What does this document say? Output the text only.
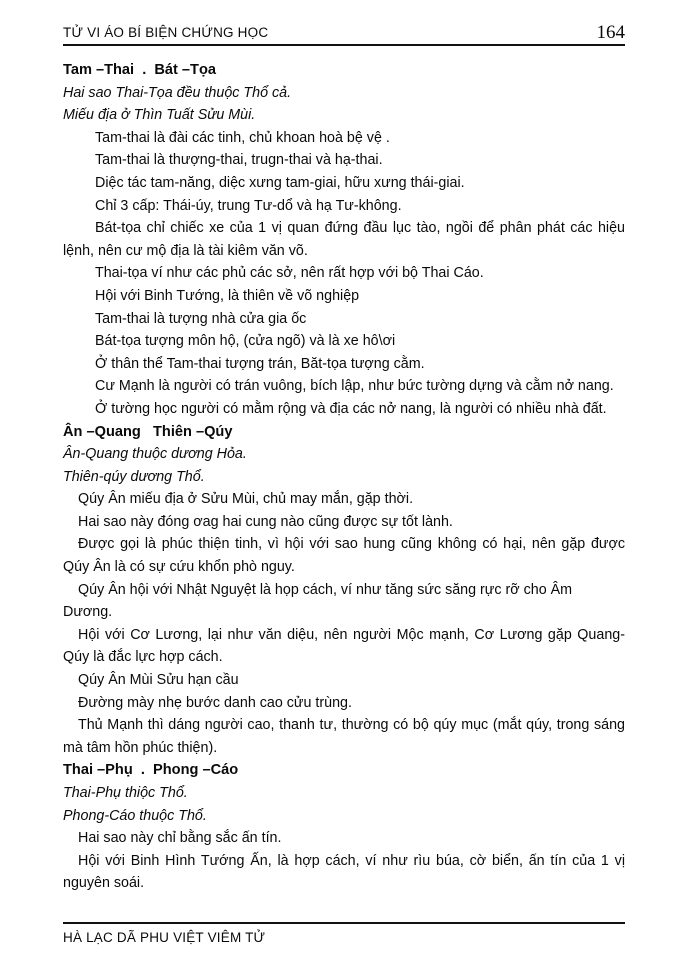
TỬ VI ÁO BÍ BIỆN CHỨNG HỌC	164
Tam –Thai  .  Bát –Tọa

Hai sao Thai-Tọa đều thuộc Thổ cả.

Miếu địa ở Thìn Tuất Sửu Mùi.

Tam-thai là đài các tinh, chủ khoan hoà bệ vệ .

Tam-thai là thượng-thai, trugn-thai và hạ-thai.

Diệc tác tam-năng, diệc xưng tam-giai, hữu xưng thái-giai.

Chỉ 3 cấp: Thái-úy, trung Tư-dổ và hạ Tư-không.

Bát-tọa chỉ chiếc xe của 1 vị quan đứng đầu lục tào, ngồi để phân phát các hiệu lệnh, nên cư mộ địa là tài kiêm văn võ.

Thai-tọa ví như các phủ các sở, nên rất hợp với bộ Thai Cáo.

Hội với Binh Tướng, là thiên về võ nghiệp

Tam-thai là tượng nhà cửa gia ốc

Bát-tọa tượng môn hộ, (cửa ngõ) và là xe hô\ơi

Ở thân thể Tam-thai tượng trán, Băt-tọa tượng cằm.

Cư Mạnh là người có trán vuông, bích lập, như bức tường dựng và cằm nở nang.

Ở tường học người có mằm rộng và địa các nở nang, là người có nhiều nhà đất.

Ân –Quang   Thiên –Qúy

Ân-Quang thuộc dương Hỏa.

Thiên-qúy dương Thổ.

Qúy Ân miếu địa ở Sửu Mùi, chủ may mắn, gặp thời.

Hai sao này đóng ơag hai cung nào cũng được sự tốt lành.

Được gọi là phúc thiện tinh, vì hội với sao hung cũng không có hại, nên gặp được Qúy Ân là có sự cứu khổn phò nguy.

Qúy Ân hội với Nhật Nguyệt là họp cách, ví như tăng sức săng rực rỡ cho Âm Dương.

Hội với Cơ Lương, lại như văn diệu, nên người Mộc mạnh, Cơ Lương gặp Quang-Qúy là đắc lực hợp cách.

Qúy Ân Mùi Sửu hạn cầu

Đường mày nhẹ bước danh cao cửu trùng.

Thủ Mạnh thì dáng người cao, thanh tư, thường có bộ qúy mục (mắt qúy, trong sáng mà tâm hồn phúc thiện).

Thai –Phụ  .  Phong –Cáo

Thai-Phụ thiộc Thổ.

Phong-Cáo thuộc Thổ.

Hai sao này chỉ bằng sắc ấn tín.

Hội với Binh Hình Tướng Ấn, là hợp cách, ví như rìu búa, cờ biển, ấn tín của 1 vị nguyên soái.

HÀ LẠC DÃ PHU VIỆT VIÊM TỬ
